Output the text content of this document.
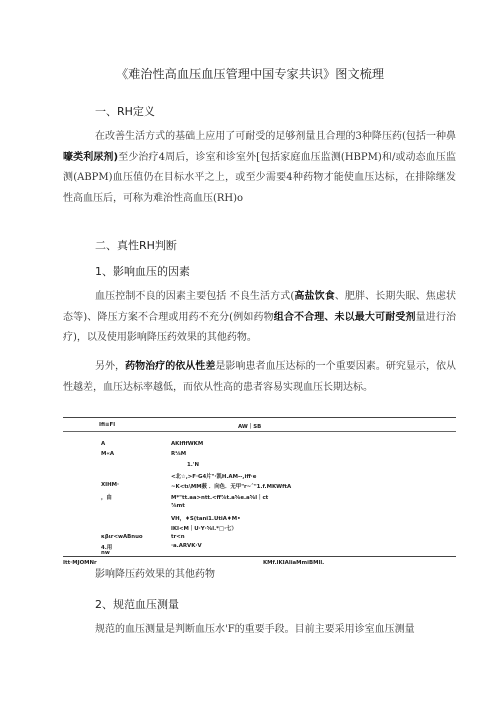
《难治性高血压血压管理中国专家共识》图文梳理
一、RH定义
在改善生活方式的基础上应用了可耐受的足够剂量且合理的3种降压药(包括一种鼻嚎类利尿剂)至少治疗4周后，诊室和诊室外[包括家庭血压监测(HBPM)和/或动态血压监测(ABPM)血压值仍在目标水平之上，或至少需要4种药物才能使血压达标，在排除继发性高血压后，可称为难治性高血压(RH)o
二、真性RH判断
1、影响血压的因素
血压控制不良的因素主要包括 不良生活方式(高盐饮食、肥胖、长期失眠、焦虑状态等)、降压方案不合理或用药不充分(例如药物组合不合理、未以最大可耐受剂量进行治疗)，以及使用影响降压药效果的其他药物。
另外，药物治疗的依从性差是影响患者血压达标的一个重要因素。研究显示，依从性越差，血压达标率越低，而依从性高的患者容易实现血压长期达标。
Ifi≡Fl	AW｜SB
A	AKIflfWKM
M«A	R⅛M
1.'N
<北☆,>F∙G4片"·凯H.AM--,iff∙e
XIHM·	~K<tι\MM薮 ．向色．无甲"r~ˆ"1.f.MKWftA
，由	M*"tt.aa>ntt.<ff⅞t.a⅝e.a⅝l｜ct
⅞mt
VH，♦S(tani1.UtiA♦M•
lKI<M｜U∙Y∙⅝l.*□∙七）
κβιr<wABnuo	tr<n
4.用	∙a.ARVK∙V
nw
Itt∙MJOMNr	KMf.lKIAliaMmiBMll.
影响降压药效果的其他药物
2、规范血压测量
规范的血压测量是判断血压水'F的重要手段。目前主要采用诊室血压测量
